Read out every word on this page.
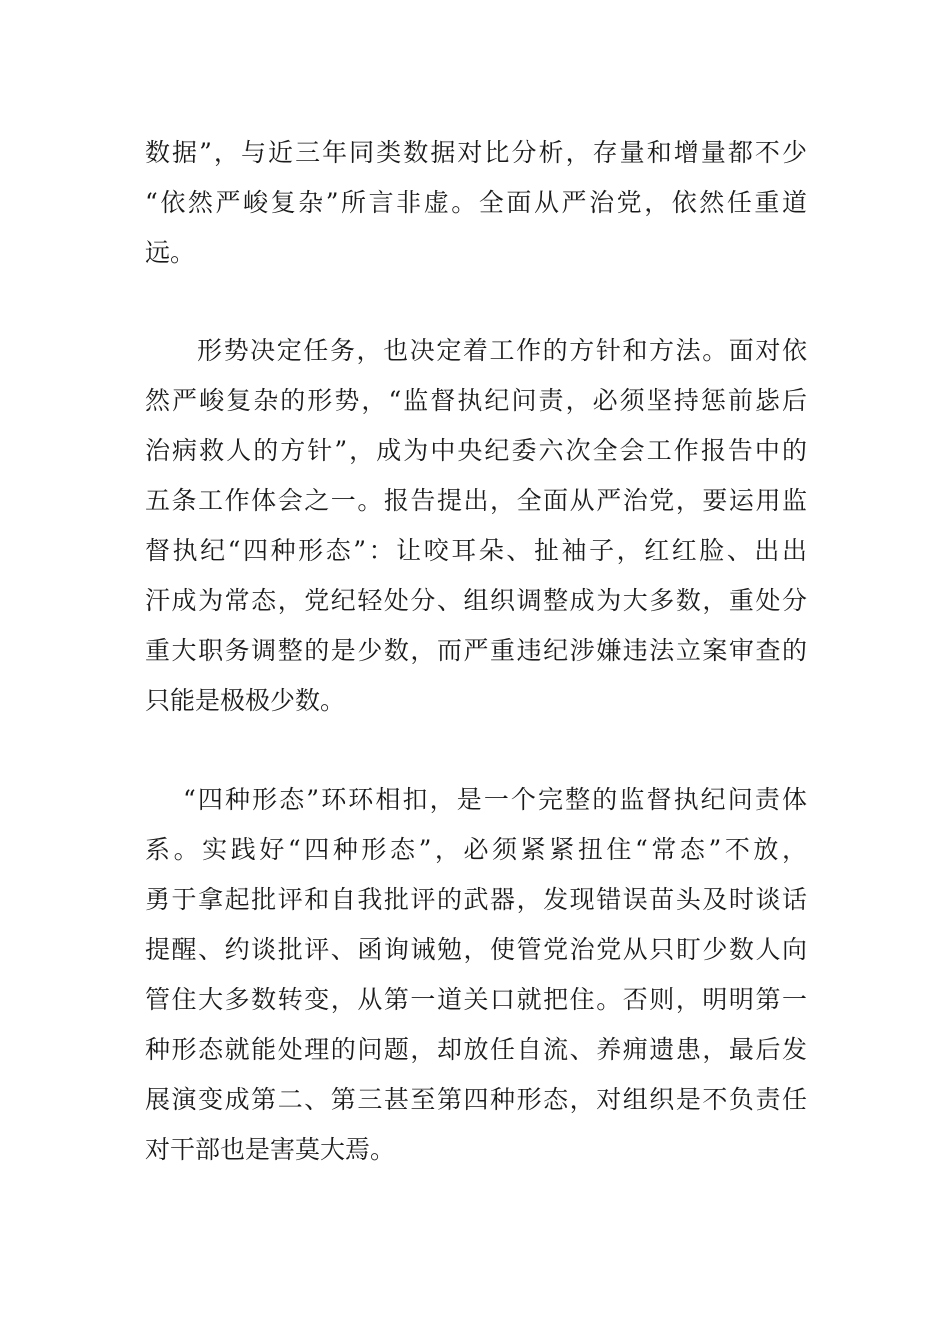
数据”，与近三年同类数据对比分析，存量和增量都不少
“依然严峻复杂”所言非虚。全面从严治党，依然任重道
远。
形势决定任务，也决定着工作的方针和方法。面对依
然严峻复杂的形势，“监督执纪问责，必须坚持惩前毖后
治病救人的方针”，成为中央纪委六次全会工作报告中的
五条工作体会之一。报告提出，全面从严治党，要运用监
督执纪“四种形态”：让咬耳朵、扯袖子，红红脸、出出
汗成为常态，党纪轻处分、组织调整成为大多数，重处分
重大职务调整的是少数，而严重违纪涉嫌违法立案审查的
只能是极极少数。
“四种形态”环环相扣，是一个完整的监督执纪问责体
系。实践好“四种形态”，必须紧紧扭住“常态”不放，
勇于拿起批评和自我批评的武器，发现错误苗头及时谈话
提醒、约谈批评、函询诫勉，使管党治党从只盯少数人向
管住大多数转变，从第一道关口就把住。否则，明明第一
种形态就能处理的问题，却放任自流、养痈遗患，最后发
展演变成第二、第三甚至第四种形态，对组织是不负责任
对干部也是害莫大焉。
